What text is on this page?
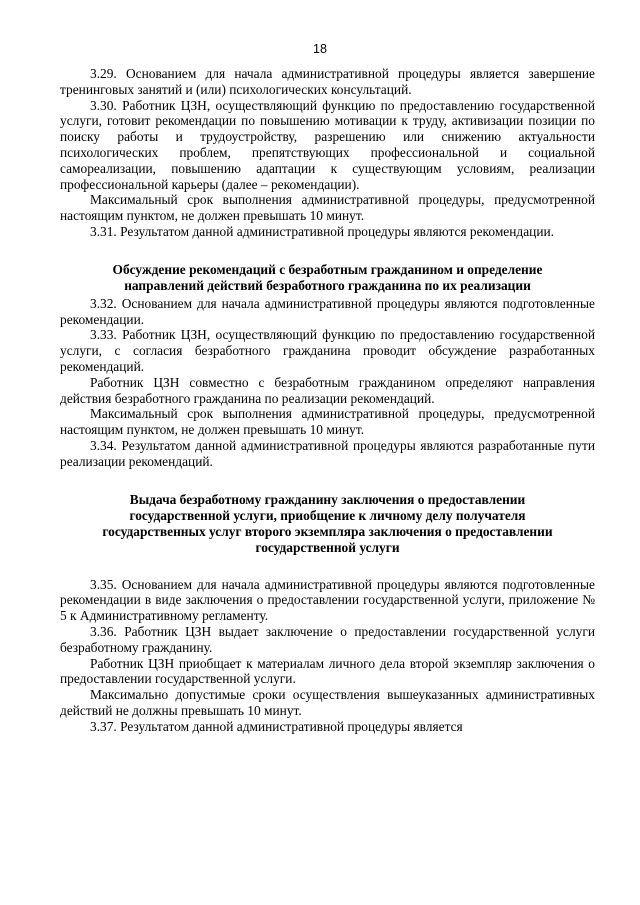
18

3.29. Основанием для начала административной процедуры является завершение тренинговых занятий и (или) психологических консультаций.

3.30. Работник ЦЗН, осуществляющий функцию по предоставлению государственной услуги, готовит рекомендации по повышению мотивации к труду, активизации позиции по поиску работы и трудоустройству, разрешению или снижению актуальности психологических проблем, препятствующих профессиональной и социальной самореализации, повышению адаптации к существующим условиям, реализации профессиональной карьеры (далее – рекомендации).

Максимальный срок выполнения административной процедуры, предусмотренной настоящим пунктом, не должен превышать 10 минут.

3.31. Результатом данной административной процедуры являются рекомендации.

Обсуждение рекомендаций с безработным гражданином и определение направлений действий безработного гражданина по их реализации

3.32. Основанием для начала административной процедуры являются подготовленные рекомендации.

3.33. Работник ЦЗН, осуществляющий функцию по предоставлению государственной услуги, с согласия безработного гражданина проводит обсуждение разработанных рекомендаций.

Работник ЦЗН совместно с безработным гражданином определяют направления действия безработного гражданина по реализации рекомендаций.

Максимальный срок выполнения административной процедуры, предусмотренной настоящим пунктом, не должен превышать 10 минут.

3.34. Результатом данной административной процедуры являются разработанные пути реализации рекомендаций.

Выдача безработному гражданину заключения о предоставлении государственной услуги, приобщение к личному делу получателя государственных услуг второго экземпляра заключения о предоставлении государственной услуги

3.35. Основанием для начала административной процедуры являются подготовленные рекомендации в виде заключения о предоставлении государственной услуги, приложение № 5 к Административному регламенту.

3.36. Работник ЦЗН выдает заключение о предоставлении государственной услуги безработному гражданину.

Работник ЦЗН приобщает к материалам личного дела второй экземпляр заключения о предоставлении государственной услуги.

Максимально допустимые сроки осуществления вышеуказанных административных действий не должны превышать 10 минут.

3.37. Результатом данной административной процедуры является
